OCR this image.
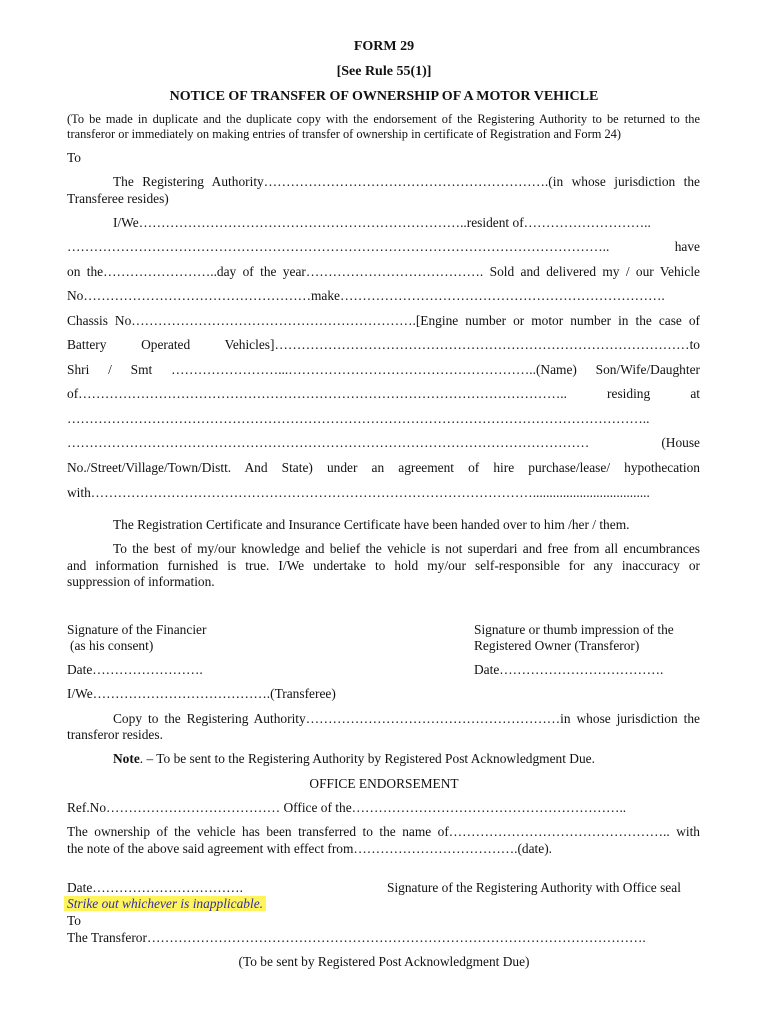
FORM 29
[See Rule 55(1)]
NOTICE OF TRANSFER OF OWNERSHIP OF A MOTOR VEHICLE
(To be made in duplicate and the duplicate copy with the endorsement of the Registering Authority to be returned to the
transferor or immediately on making entries of transfer of ownership in certificate of Registration and Form 24)
To
The Registering Authority……………………………………………………….(in whose jurisdiction the
Transferee resides)
I/We………………………………………………………………..resident of………………………..
………………………………………………………………………………………………………….. have
on the……………………..day of the year…………………………………. Sold and delivered my / our Vehicle
No……………………………………………make……………………………………………………………….
Chassis No……………………………………………………….[Engine number or motor number in the case of
Battery Operated Vehicles]…………………………………………………………………………………to
Shri / Smt ……………………...………………………………………………..(Name) Son/Wife/Daughter
of……………………………………………………………………………………………….. residing at
…………………………………………………………………………………………………………………..
……………………………………………………………………………………………………… (House
No./Street/Village/Town/Distt. And State) under an agreement of hire purchase/lease/ hypothecation
with………………………………………………………………………………………...................................
The Registration Certificate and Insurance Certificate have been handed over to him /her / them.
To the best of my/our knowledge and belief the vehicle is not superdari and free from all encumbrances
and information furnished is true. I/We undertake to hold my/our self-responsible for any inaccuracy or
suppression of information.
Signature of the Financier
(as his consent)
Date…………………….
Signature or thumb impression of the
Registered Owner (Transferor)
Date……………………………….
I/We………………………………….(Transferee)
Copy to the Registering Authority…………………………………………………in whose jurisdiction the
transferor resides.
Note. – To be sent to the Registering Authority by Registered Post Acknowledgment Due.
OFFICE ENDORSEMENT
Ref.No………………………………… Office of the……………………………………………………..
The ownership of the vehicle has been transferred to the name of………………………………………….. with
the note of the above said agreement with effect from……………………………….(date).
Date…………………………….	Signature of the Registering Authority with Office seal
Strike out whichever is inapplicable.
To
The Transferor………………………………………………………………………………………………….
(To be sent by Registered Post Acknowledgment Due)
